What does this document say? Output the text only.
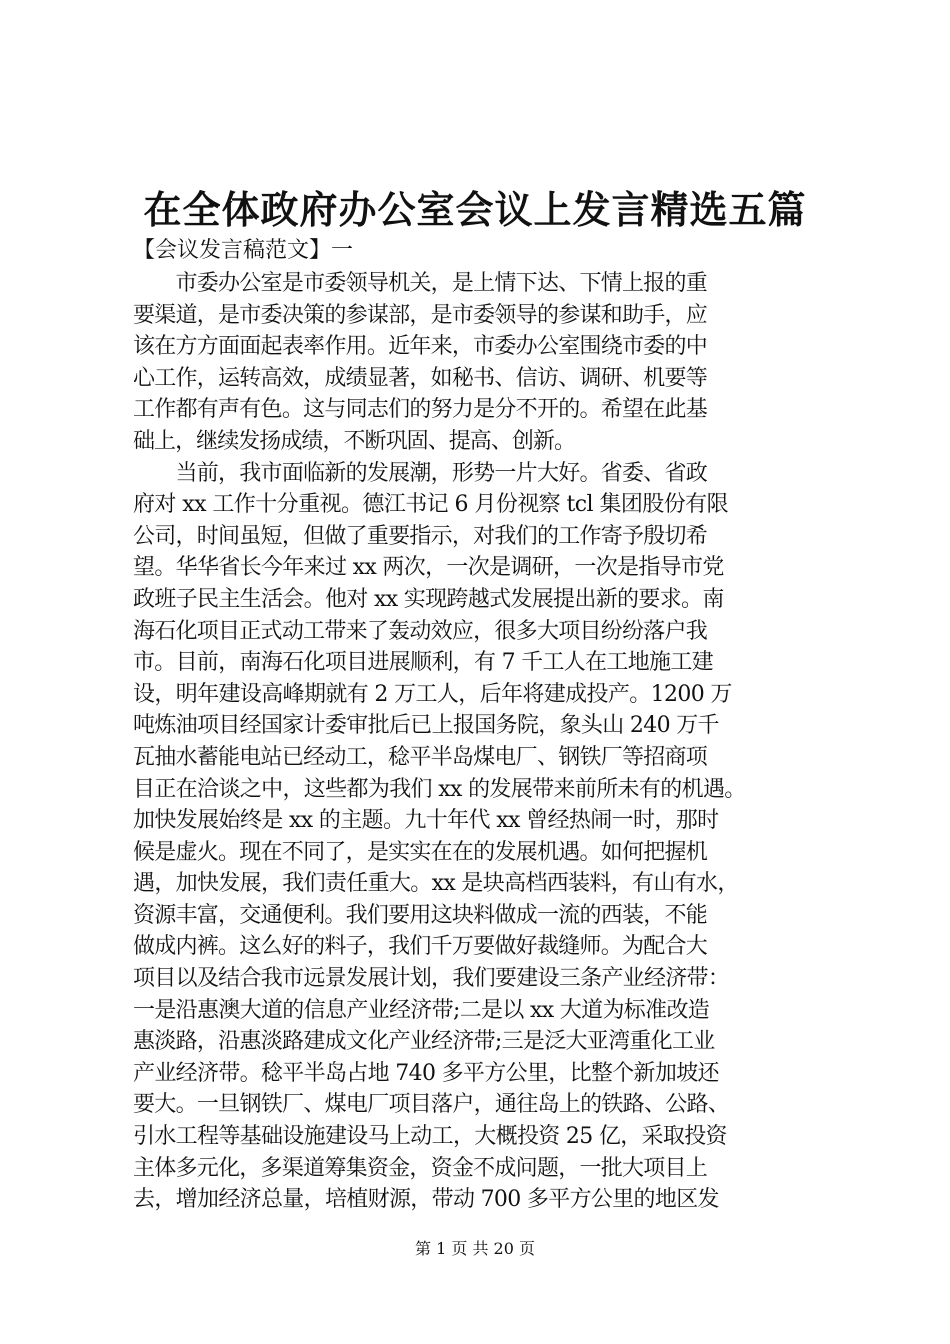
在全体政府办公室会议上发言精选五篇

【会议发言稿范文】一

　　市委办公室是市委领导机关，是上情下达、下情上报的重
要渠道，是市委决策的参谋部，是市委领导的参谋和助手，应
该在方方面面起表率作用。近年来，市委办公室围绕市委的中
心工作，运转高效，成绩显著，如秘书、信访、调研、机要等
工作都有声有色。这与同志们的努力是分不开的。希望在此基
础上，继续发扬成绩，不断巩固、提高、创新。
　　当前，我市面临新的发展潮，形势一片大好。省委、省政
府对 xx 工作十分重视。德江书记 6 月份视察 tcl 集团股份有限
公司，时间虽短，但做了重要指示，对我们的工作寄予殷切希
望。华华省长今年来过 xx 两次，一次是调研，一次是指导市党
政班子民主生活会。他对 xx 实现跨越式发展提出新的要求。南
海石化项目正式动工带来了轰动效应，很多大项目纷纷落户我
市。目前，南海石化项目进展顺利，有 7 千工人在工地施工建
设，明年建设高峰期就有 2 万工人，后年将建成投产。1200 万
吨炼油项目经国家计委审批后已上报国务院，象头山 240 万千
瓦抽水蓄能电站已经动工，稔平半岛煤电厂、钢铁厂等招商项
目正在洽谈之中，这些都为我们 xx 的发展带来前所未有的机遇。
加快发展始终是 xx 的主题。九十年代 xx 曾经热闹一时，那时
候是虚火。现在不同了，是实实在在的发展机遇。如何把握机
遇，加快发展，我们责任重大。xx 是块高档西装料，有山有水，
资源丰富，交通便利。我们要用这块料做成一流的西装，不能
做成内裤。这么好的料子，我们千万要做好裁缝师。为配合大
项目以及结合我市远景发展计划，我们要建设三条产业经济带：
一是沿惠澳大道的信息产业经济带;二是以 xx 大道为标准改造
惠淡路，沿惠淡路建成文化产业经济带;三是泛大亚湾重化工业
产业经济带。稔平半岛占地 740 多平方公里，比整个新加坡还
要大。一旦钢铁厂、煤电厂项目落户，通往岛上的铁路、公路、
引水工程等基础设施建设马上动工，大概投资 25 亿，采取投资
主体多元化，多渠道筹集资金，资金不成问题，一批大项目上
去，增加经济总量，培植财源，带动 700 多平方公里的地区发

第 1 页 共 20 页
